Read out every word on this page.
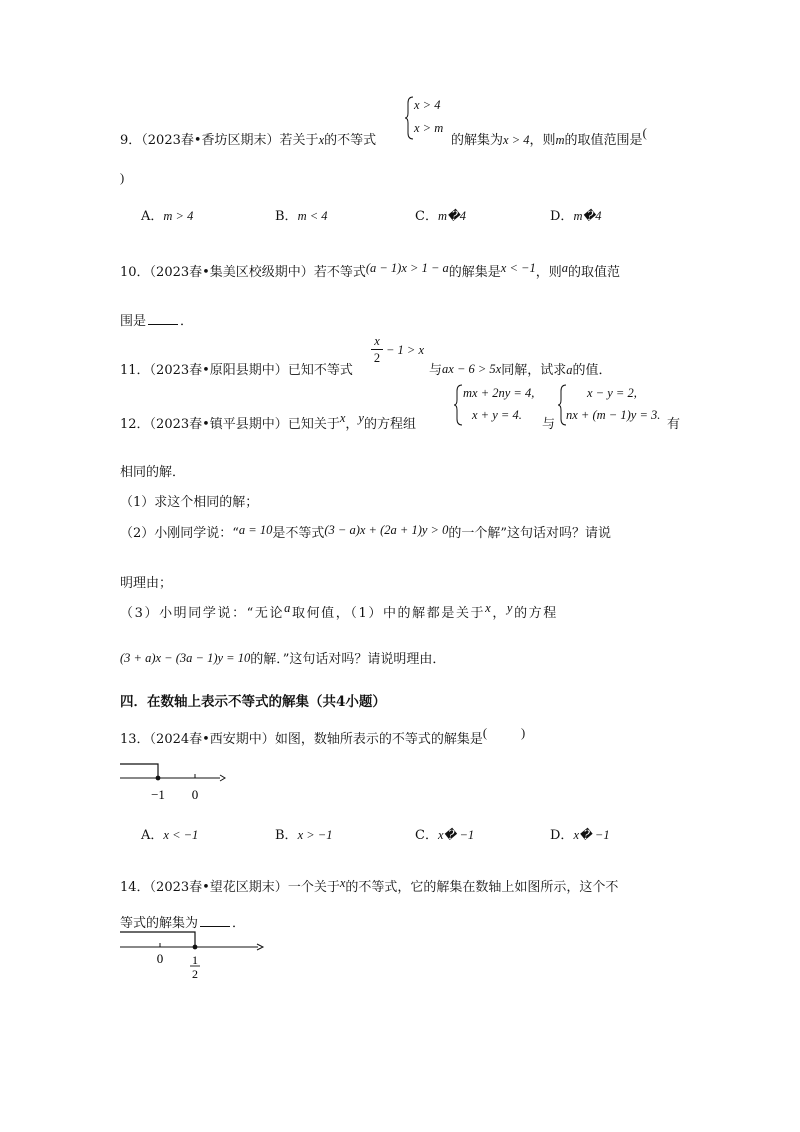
9．（2023春•香坊区期末）若关于x的不等式
x > 4
x > m
的解集为x > 4，则m的取值范围是(
)
A．m > 4	B．m < 4	C．m�4	D．m�4
10．（2023春•集美区校级期中）若不等式(a − 1)x > 1 − a的解集是x < −1，则a的取值范
围是	．
11．（2023春•原阳县期中）已知不等式
x
2
− 1 > x
与ax − 6 > 5x同解，试求a的值．
12．（2023春•镇平县期中）已知关于x，y的方程组
mx + 2ny = 4,
x + y = 4.
与
x − y = 2,
nx + (m − 1)y = 3.
有
相同的解．
（1）求这个相同的解；
（2）小刚同学说：“a = 10是不等式(3 − a)x + (2a + 1)y > 0的一个解”这句话对吗？请说
明理由；
（3）小明同学说：“无论a取何值，（1）中的解都是关于x，y的方程
(3 + a)x − (3a − 1)y = 10的解．”这句话对吗？请说明理由．
四．在数轴上表示不等式的解集（共4小题）
13．（2024春•西安期中）如图，数轴所表示的不等式的解集是(	)
−1 0
A．x < −1	B．x > −1	C．x� −1	D．x� −1
14．（2023春•望花区期末）一个关于x的不等式，它的解集在数轴上如图所示，这个不
等式的解集为	．
0 1
2
